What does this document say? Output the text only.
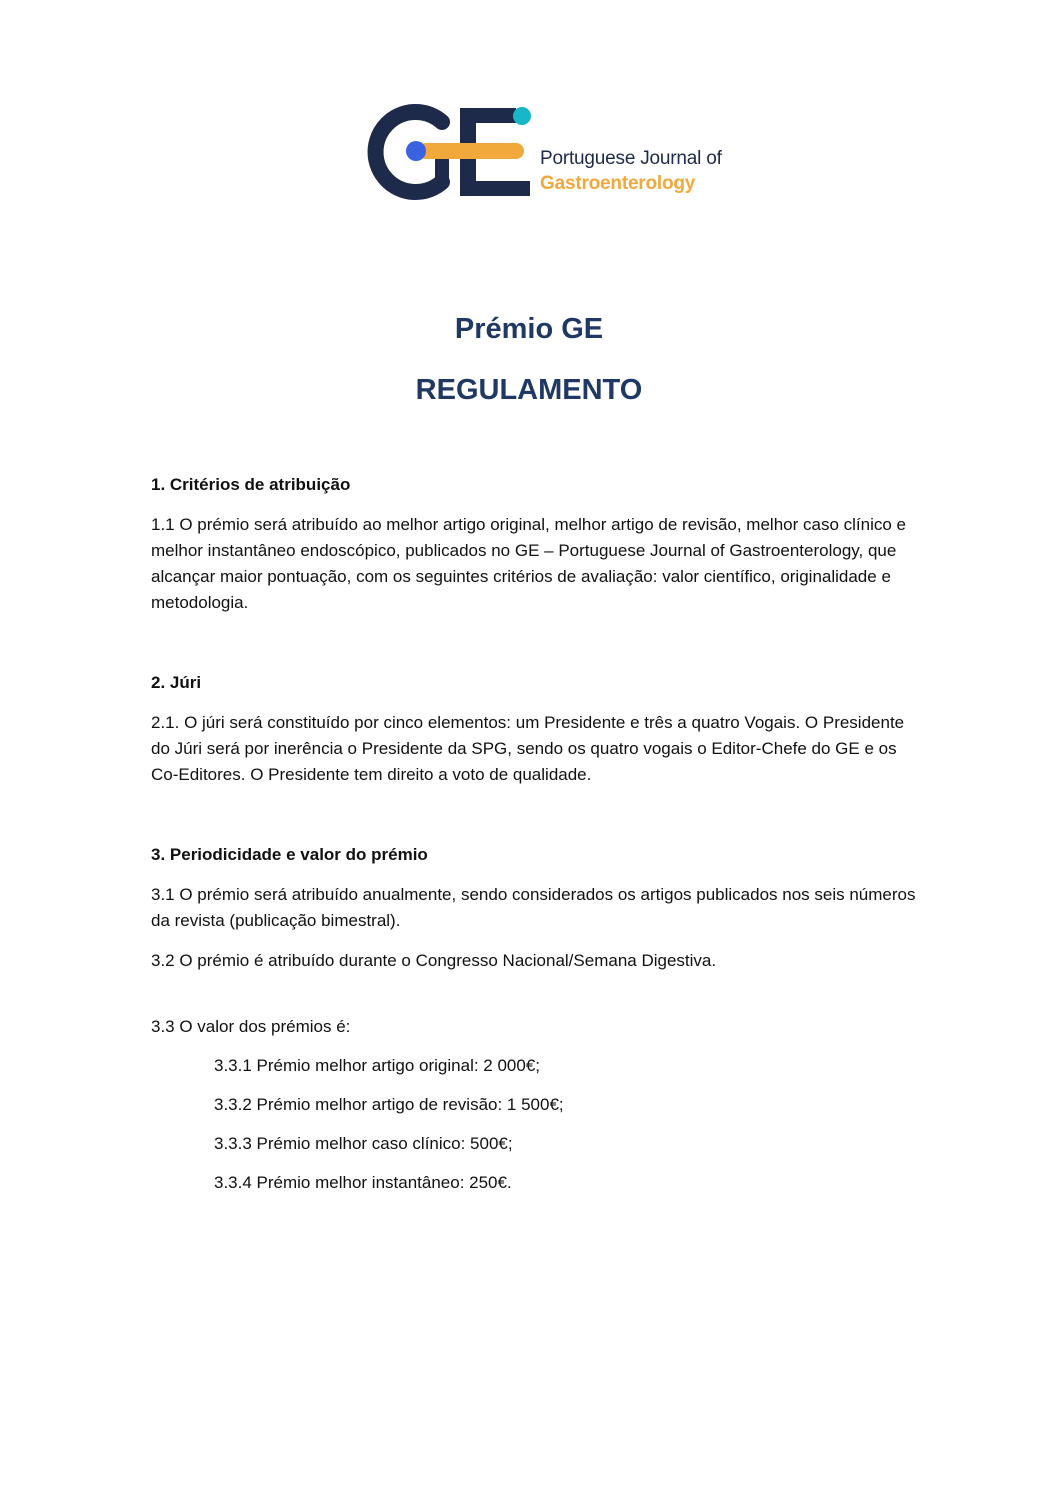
Portuguese Journal of
Gastroenterology
Prémio GE
REGULAMENTO

1. Critérios de atribuição

1.1 O prémio será atribuído ao melhor artigo original, melhor artigo de revisão, melhor caso clínico e melhor instantâneo endoscópico, publicados no GE – Portuguese Journal of Gastroenterology, que alcançar maior pontuação, com os seguintes critérios de avaliação: valor científico, originalidade e metodologia.

2. Júri

2.1. O júri será constituído por cinco elementos: um Presidente e três a quatro Vogais. O Presidente do Júri será por inerência o Presidente da SPG, sendo os quatro vogais o Editor-Chefe do GE e os Co-Editores. O Presidente tem direito a voto de qualidade.

3. Periodicidade e valor do prémio

3.1 O prémio será atribuído anualmente, sendo considerados os artigos publicados nos seis números da revista (publicação bimestral).

3.2 O prémio é atribuído durante o Congresso Nacional/Semana Digestiva.

3.3 O valor dos prémios é:

3.3.1 Prémio melhor artigo original: 2 000€;

3.3.2 Prémio melhor artigo de revisão: 1 500€;

3.3.3 Prémio melhor caso clínico: 500€;

3.3.4 Prémio melhor instantâneo: 250€.
